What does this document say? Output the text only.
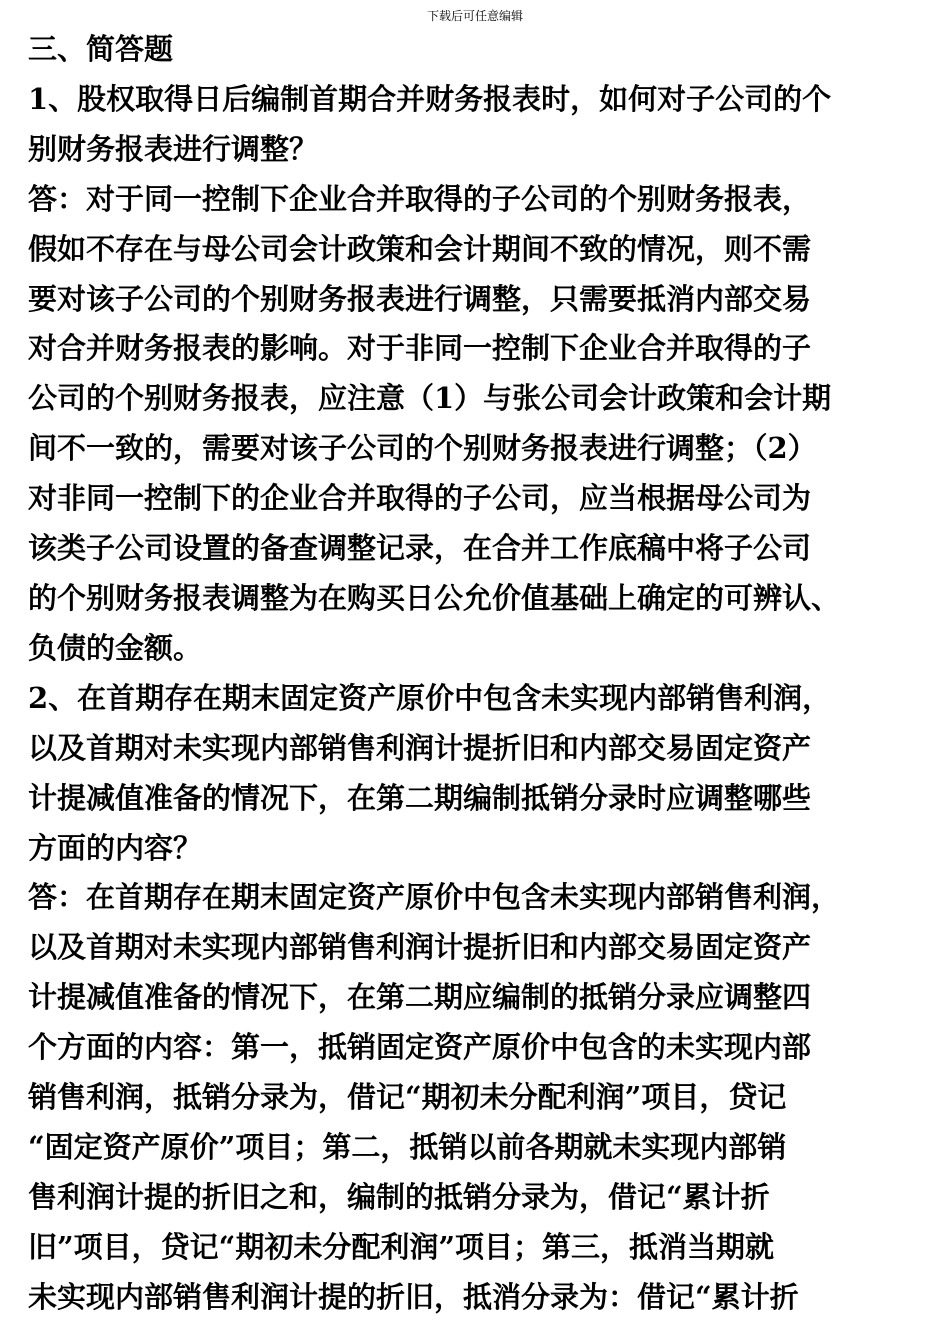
下载后可任意编辑

三、简答题

1、股权取得日后编制首期合并财务报表时，如何对子公司的个

别财务报表进行调整？

答：对于同一控制下企业合并取得的子公司的个别财务报表，

假如不存在与母公司会计政策和会计期间不致的情况，则不需

要对该子公司的个别财务报表进行调整，只需要抵消内部交易

对合并财务报表的影响。对于非同一控制下企业合并取得的子

公司的个别财务报表，应注意（1）与张公司会计政策和会计期

间不一致的，需要对该子公司的个别财务报表进行调整；（2）

对非同一控制下的企业合并取得的子公司，应当根据母公司为

该类子公司设置的备查调整记录，在合并工作底稿中将子公司

的个别财务报表调整为在购买日公允价值基础上确定的可辨认、

负债的金额。

2、在首期存在期末固定资产原价中包含未实现内部销售利润，

以及首期对未实现内部销售利润计提折旧和内部交易固定资产

计提减值准备的情况下，在第二期编制抵销分录时应调整哪些

方面的内容？

答：在首期存在期末固定资产原价中包含未实现内部销售利润，

以及首期对未实现内部销售利润计提折旧和内部交易固定资产

计提减值准备的情况下，在第二期应编制的抵销分录应调整四

个方面的内容：第一，抵销固定资产原价中包含的未实现内部

销售利润，抵销分录为，借记“期初未分配利润”项目，贷记

“固定资产原价”项目；第二，抵销以前各期就未实现内部销

售利润计提的折旧之和，编制的抵销分录为，借记“累计折

旧”项目，贷记“期初未分配利润”项目；第三，抵消当期就

未实现内部销售利润计提的折旧，抵消分录为：借记“累计折
